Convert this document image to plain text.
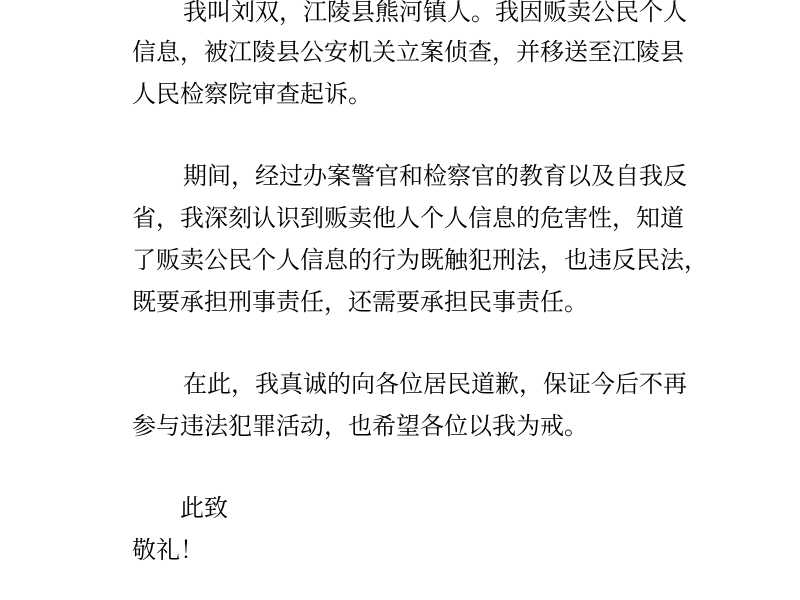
我叫刘双，江陵县熊河镇人。我因贩卖公民个人
信 息 ， 被 江 陵 县 公 安 机 关 立 案 侦 查 ， 并 移 送 至 江 陵 县
人民检察院审查起诉。
期间，经过办案警官和检察官的教育以及自我反
省 ， 我 深 刻 认 识 到 贩 卖 他 人 个 人 信 息 的 危 害 性 ， 知 道
了 贩 卖 公 民 个 人 信 息 的 行 为 既 触 犯 刑 法 ， 也 违 反 民 法 ，
既要承担刑事责任，还需要承担民事责任。
在此，我真诚的向各位居民道歉，保证今后不再
参与违法犯罪活动，也希望各位以我为戒。
此致
敬礼！
